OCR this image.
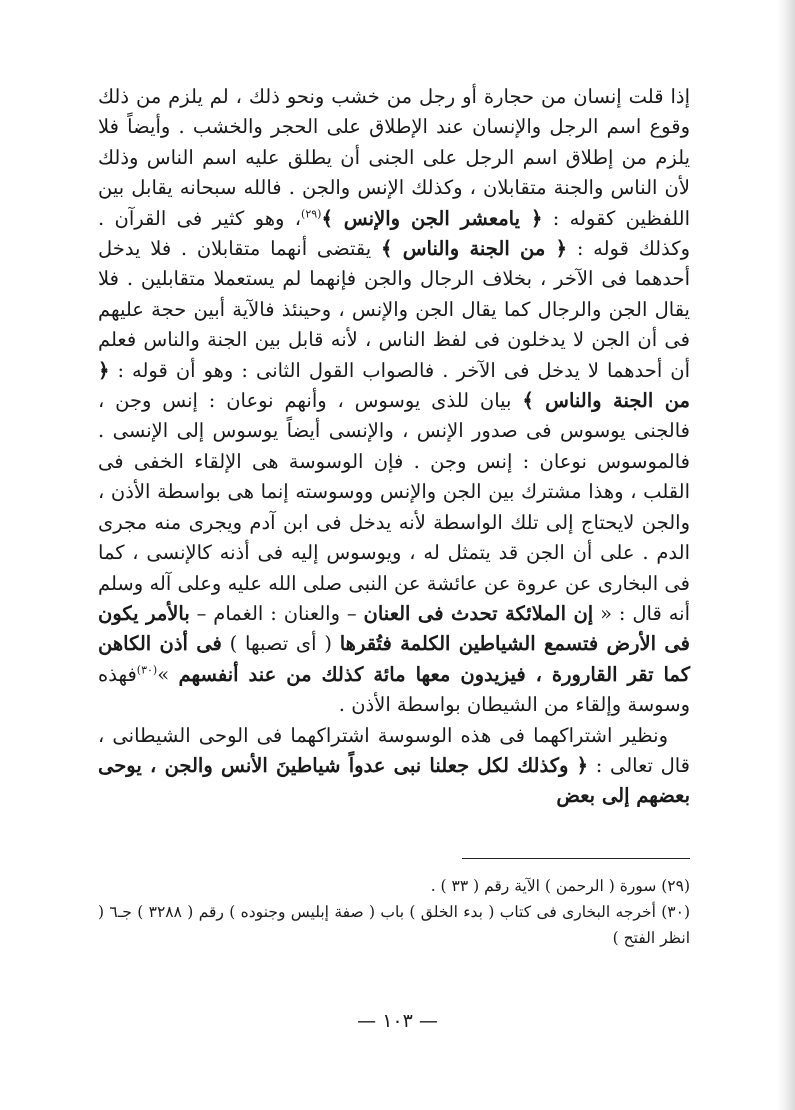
إذا قلت إنسان من حجارة أو رجل من خشب ونحو ذلك ، لم يلزم من ذلك وقوع اسم الرجل والإنسان عند الإطلاق على الحجر والخشب . وأيضاً فلا يلزم من إطلاق اسم الرجل على الجنى أن يطلق عليه اسم الناس وذلك لأن الناس والجنة متقابلان ، وكذلك الإنس والجن . فالله سبحانه يقابل بين اللفظين كقوله : ﴿ يامعشر الجن والإنس ﴾$^{(٢٩)}$، وهو كثير فى القرآن . وكذلك قوله : ﴿ من الجنة والناس ﴾ يقتضى أنهما متقابلان . فلا يدخل أحدهما فى الآخر ، بخلاف الرجال والجن فإنهما لم يستعملا متقابلين . فلا يقال الجن والرجال كما يقال الجن والإنس ، وحينئذ فالآية أبين حجة عليهم فى أن الجن لا يدخلون فى لفظ الناس ، لأنه قابل بين الجنة والناس فعلم أن أحدهما لا يدخل فى الآخر . فالصواب القول الثانى : وهو أن قوله : ﴿ من الجنة والناس ﴾ بيان للذى يوسوس ، وأنهم نوعان : إنس وجن ، فالجنى يوسوس فى صدور الإنس ، والإنسى أيضاً يوسوس إلى الإنسى . فالموسوس نوعان : إنس وجن . فإن الوسوسة هى الإلقاء الخفى فى القلب ، وهذا مشترك بين الجن والإنس ووسوسته إنما هى بواسطة الأذن ، والجن لايحتاج إلى تلك الواسطة لأنه يدخل فى ابن آدم ويجرى منه مجرى الدم . على أن الجن قد يتمثل له ، ويوسوس إليه فى أذنه كالإنسى ، كما فى البخارى عن عروة عن عائشة عن النبى صلى الله عليه وعلى آله وسلم أنه قال : « إن الملائكة تحدث فى العنان – والعنان : الغمام – بالأمر يكون فى الأرض فتسمع الشياطين الكلمة فتُقرها ( أى تصبها ) فى أذن الكاهن كما تقر القارورة ، فيزيدون معها مائة كذلك من عند أنفسهم »$^{(٣٠)}$فهذه وسوسة وإلقاء من الشيطان بواسطة الأذن .

ونظير اشتراكهما فى هذه الوسوسة اشتراكهما فى الوحى الشيطانى ، قال تعالى : ﴿ وكذلك لكل جعلنا نبى عدواً شياطينَ الأنس والجن ، يوحى بعضهم إلى بعض

(٢٩) سورة ( الرحمن ) الآية رقم ( ٣٣ ) .

(٣٠) أخرجه البخارى فى كتاب ( بدء الخلق ) باب ( صفة إبليس وجنوده ) رقم ( ٣٢٨٨ ) جـ٦ ( انظر الفتح )

— ١٠٣ —
